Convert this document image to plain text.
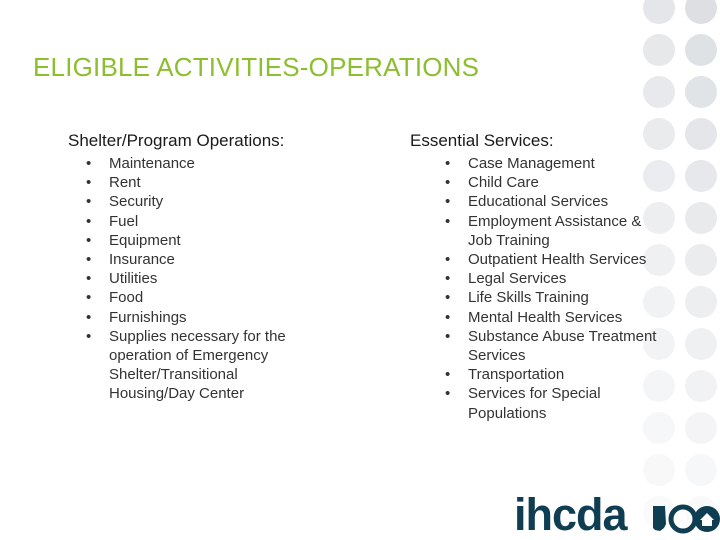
ELIGIBLE ACTIVITIES-OPERATIONS
Shelter/Program Operations:
• Maintenance
• Rent
• Security
• Fuel
• Equipment
• Insurance
• Utilities
• Food
• Furnishings
• Supplies necessary for the
operation of Emergency
Shelter/Transitional
Housing/Day Center
Essential Services:
• Case Management
• Child Care
• Educational Services
• Employment Assistance &
Job Training
• Outpatient Health Services
• Legal Services
• Life Skills Training
• Mental Health Services
• Substance Abuse Treatment
Services
• Transportation
• Services for Special
Populations
ihcda
